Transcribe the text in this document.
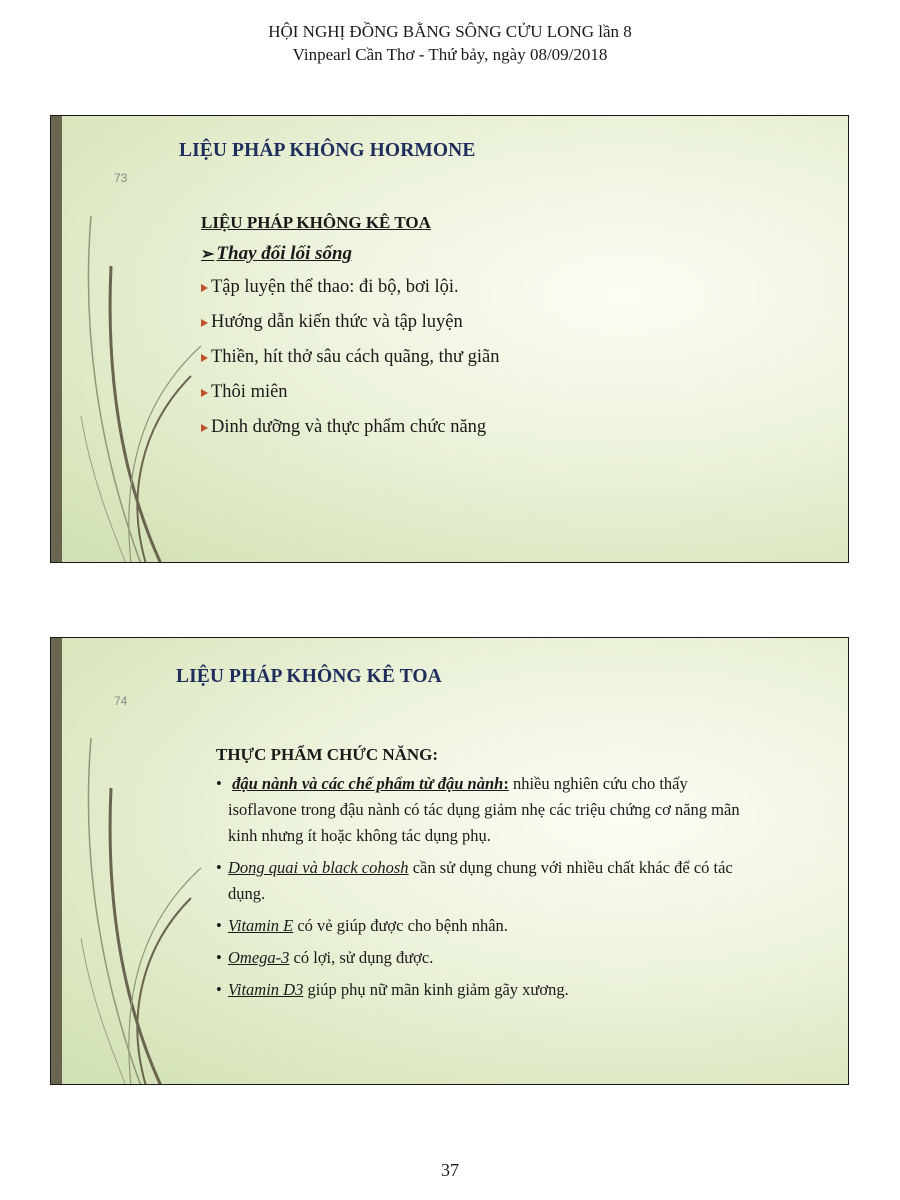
HỘI NGHỊ ĐỒNG BẰNG SÔNG CỬU LONG lần 8
Vinpearl Cần Thơ - Thứ bảy, ngày 08/09/2018
LIỆU PHÁP KHÔNG HORMONE
73
LIỆU PHÁP KHÔNG KÊ TOA
➢ Thay đổi lối sống
Tập luyện thể thao: đi bộ, bơi lội.
Hướng dẫn kiến thức và tập luyện
Thiền, hít thở sâu cách quãng, thư giãn
Thôi miên
Dinh dưỡng và thực phẩm chức năng
LIỆU PHÁP KHÔNG KÊ TOA
74
THỰC PHẨM CHỨC NĂNG:
• đậu nành và các chế phẩm từ đậu nành: nhiều nghiên cứu cho thấy isoflavone trong đậu nành có tác dụng giảm nhẹ các triệu chứng cơ năng mãn kinh nhưng ít hoặc không tác dụng phụ.
• Dong quai và black cohosh cần sử dụng chung với nhiều chất khác để có tác dụng.
• Vitamin E có vẻ giúp được cho bệnh nhân.
• Omega-3 có lợi, sử dụng được.
• Vitamin D3 giúp phụ nữ mãn kinh giảm gãy xương.
37
